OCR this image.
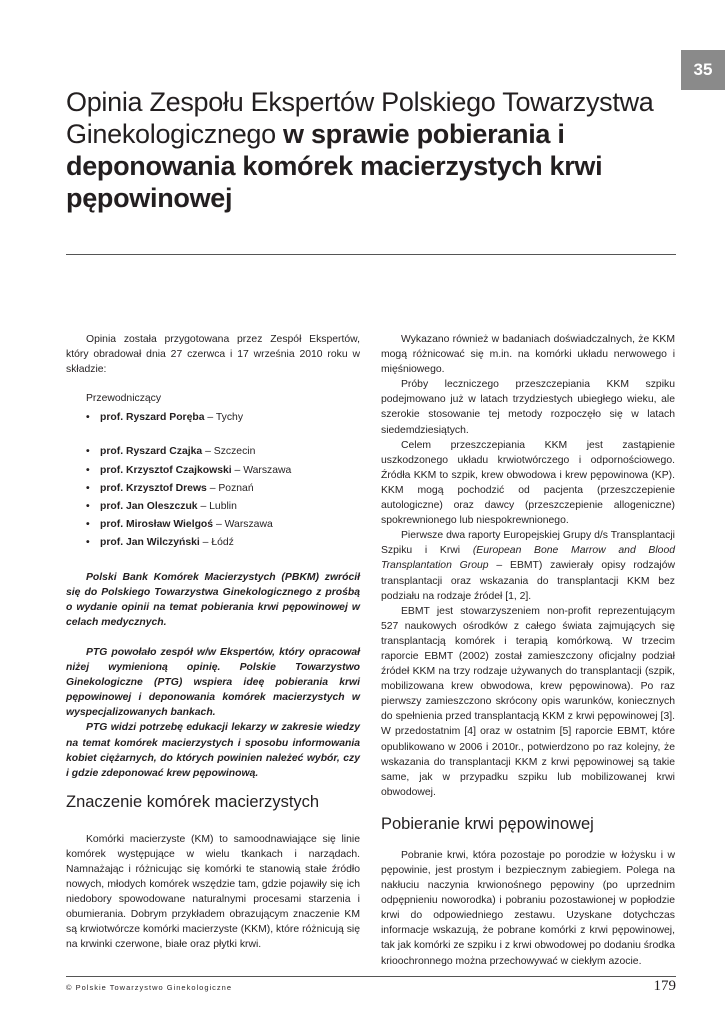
35
Opinia Zespołu Ekspertów Polskiego Towarzystwa Ginekologicznego w sprawie pobierania i deponowania komórek macierzystych krwi pępowinowej

Opinia została przygotowana przez Zespół Ekspertów, który obradował dnia 27 czerwca i 17 września 2010 roku w składzie:

Przewodniczący
• prof. Ryszard Poręba – Tychy
• prof. Ryszard Czajka – Szczecin
• prof. Krzysztof Czajkowski – Warszawa
• prof. Krzysztof Drews – Poznań
• prof. Jan Oleszczuk – Lublin
• prof. Mirosław Wielgoś – Warszawa
• prof. Jan Wilczyński – Łódź

Polski Bank Komórek Macierzystych (PBKM) zwrócił się do Polskiego Towarzystwa Ginekologicznego z prośbą o wydanie opinii na temat pobierania krwi pępowinowej w celach medycznych.

PTG powołało zespół w/w Ekspertów, który opracował niżej wymienioną opinię. Polskie Towarzystwo Ginekologiczne (PTG) wspiera ideę pobierania krwi pępowinowej i deponowania komórek macierzystych w wyspecjalizowanych bankach.

PTG widzi potrzebę edukacji lekarzy w zakresie wiedzy na temat komórek macierzystych i sposobu informowania kobiet ciężarnych, do których powinien należeć wybór, czy i gdzie zdeponować krew pępowinową.

Znaczenie komórek macierzystych

Komórki macierzyste (KM) to samoodnawiające się linie komórek występujące w wielu tkankach i narządach. Namnażając i różnicując się komórki te stanowią stałe źródło nowych, młodych komórek wszędzie tam, gdzie pojawiły się ich niedobory spowodowane naturalnymi procesami starzenia i obumierania. Dobrym przykładem obrazującym znaczenie KM są krwiotwórcze komórki macierzyste (KKM), które różnicują się na krwinki czerwone, białe oraz płytki krwi.

Wykazano również w badaniach doświadczalnych, że KKM mogą różnicować się m.in. na komórki układu nerwowego i mięśniowego.

Próby leczniczego przeszczepiania KKM szpiku podejmowano już w latach trzydziestych ubiegłego wieku, ale szerokie stosowanie tej metody rozpoczęło się w latach siedemdziesiątych.

Celem przeszczepiania KKM jest zastąpienie uszkodzonego układu krwiotwórczego i odpornościowego. Źródła KKM to szpik, krew obwodowa i krew pępowinowa (KP). KKM mogą pochodzić od pacjenta (przeszczepienie autologiczne) oraz dawcy (przeszczepienie allogeniczne) spokrewnionego lub niespokrewnionego.

Pierwsze dwa raporty Europejskiej Grupy d/s Transplantacji Szpiku i Krwi (European Bone Marrow and Blood Transplantation Group – EBMT) zawierały opisy rodzajów transplantacji oraz wskazania do transplantacji KKM bez podziału na rodzaje źródeł [1, 2].

EBMT jest stowarzyszeniem non-profit reprezentującym 527 naukowych ośrodków z całego świata zajmujących się transplantacją komórek i terapią komórkową. W trzecim raporcie EBMT (2002) został zamieszczony oficjalny podział źródeł KKM na trzy rodzaje używanych do transplantacji (szpik, mobilizowana krew obwodowa, krew pępowinowa). Po raz pierwszy zamieszczono skrócony opis warunków, koniecznych do spełnienia przed transplantacją KKM z krwi pępowinowej [3]. W przedostatnim [4] oraz w ostatnim [5] raporcie EBMT, które opublikowano w 2006 i 2010r., potwierdzono po raz kolejny, że wskazania do transplantacji KKM z krwi pępowinowej są takie same, jak w przypadku szpiku lub mobilizowanej krwi obwodowej.

Pobieranie krwi pępowinowej

Pobranie krwi, która pozostaje po porodzie w łożysku i w pępowinie, jest prostym i bezpiecznym zabiegiem. Polega na nakłuciu naczynia krwionośnego pępowiny (po uprzednim odpępnieniu noworodka) i pobraniu pozostawionej w popłodzie krwi do odpowiedniego zestawu. Uzyskane dotychczas informacje wskazują, że pobrane komórki z krwi pępowinowej, tak jak komórki ze szpiku i z krwi obwodowej po dodaniu środka krioochronnego można przechowywać w ciekłym azocie.

© Polskie Towarzystwo Ginekologiczne	179
